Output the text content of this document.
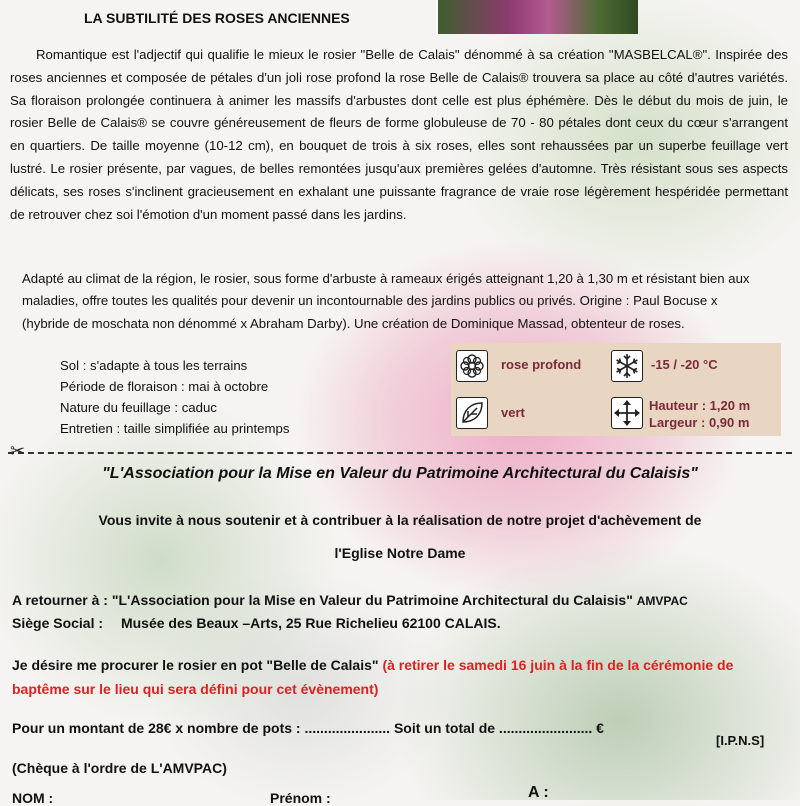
LA SUBTILITÉ DES ROSES ANCIENNES
Romantique est l'adjectif qui qualifie le mieux le rosier "Belle de Calais" dénommé à sa création "MASBELCAL®". Inspirée des roses anciennes et composée de pétales d'un joli rose profond la rose Belle de Calais® trouvera sa place au côté d'autres variétés. Sa floraison prolongée continuera à animer les massifs d'arbustes dont celle est plus éphémère. Dès le début du mois de juin, le rosier Belle de Calais® se couvre généreusement de fleurs de forme globuleuse de 70 - 80 pétales dont ceux du cœur s'arrangent en quartiers. De taille moyenne (10-12 cm), en bouquet de trois à six roses, elles sont rehaussées par un superbe feuillage vert lustré. Le rosier présente, par vagues, de belles remontées jusqu'aux premières gelées d'automne. Très résistant sous ses aspects délicats, ses roses s'inclinent gracieusement en exhalant une puissante fragrance de vraie rose légèrement hespéridée permettant de retrouver chez soi l'émotion d'un moment passé dans les jardins.
Adapté au climat de la région, le rosier, sous forme d'arbuste à rameaux érigés atteignant 1,20 à 1,30 m et résistant bien aux maladies, offre toutes les qualités pour devenir un incontournable des jardins publics ou privés. Origine : Paul Bocuse x (hybride de moschata non dénommé x Abraham Darby). Une création de Dominique Massad, obtenteur de roses.
Sol : s'adapte à tous les terrains
Période de floraison : mai à octobre
Nature du feuillage : caduc
Entretien : taille simplifiée au printemps
rose profond	-15 / -20 °C
vert	Hauteur : 1,20 m
Largeur : 0,90 m
✂
"L'Association pour la Mise en Valeur du Patrimoine Architectural du Calaisis"
Vous invite à nous soutenir et à contribuer à la réalisation de notre projet d'achèvement de
l'Eglise Notre Dame
A retourner à : "L'Association pour la Mise en Valeur du Patrimoine Architectural du Calaisis" AMVPAC
Siège Social : Musée des Beaux –Arts, 25 Rue Richelieu 62100 CALAIS.
Je désire me procurer le rosier en pot "Belle de Calais" (à retirer le samedi 16 juin à la fin de la cérémonie de baptême sur le lieu qui sera défini pour cet évènement)
Pour un montant de 28€ x nombre de pots : ...................... Soit un total de ........................ €
[I.P.N.S]
(Chèque à l'ordre de L'AMVPAC)
NOM :	Prénom :	A :
